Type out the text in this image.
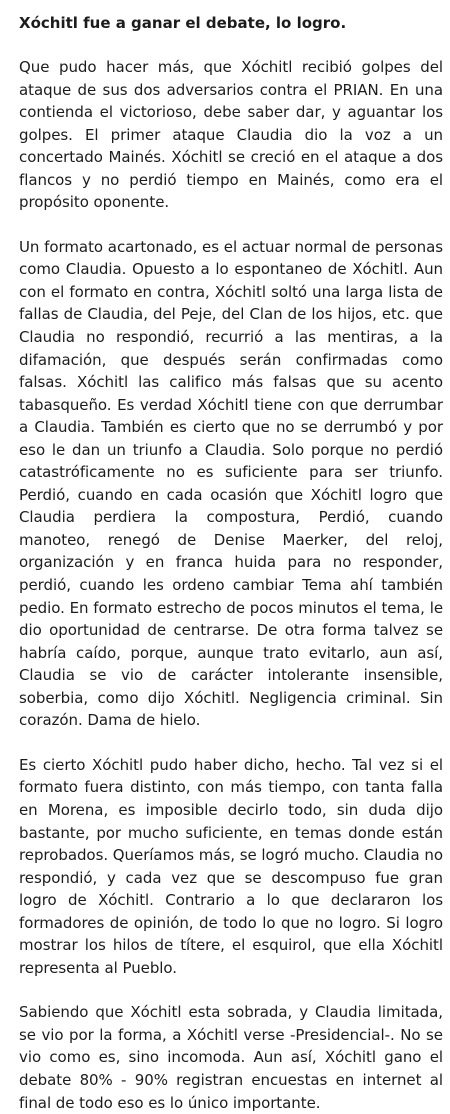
Xóchitl fue a ganar el debate, lo logro.
Que pudo hacer más, que Xóchitl recibió golpes del ataque de sus dos adversarios contra el PRIAN. En una contienda el victorioso, debe saber dar, y aguantar los golpes. El primer ataque Claudia dio la voz a un concertado Mainés. Xóchitl se creció en el ataque a dos flancos y no perdió tiempo en Mainés, como era el propósito oponente.
Un formato acartonado, es el actuar normal de personas como Claudia. Opuesto a lo espontaneo de Xóchitl. Aun con el formato en contra, Xóchitl soltó una larga lista de fallas de Claudia, del Peje, del Clan de los hijos, etc. que Claudia no respondió, recurrió a las mentiras, a la difamación, que después serán confirmadas como falsas. Xóchitl las califico más falsas que su acento tabasqueño. Es verdad Xóchitl tiene con que derrumbar a Claudia. También es cierto que no se derrumbó y por eso le dan un triunfo a Claudia. Solo porque no perdió catastróficamente no es suficiente para ser triunfo. Perdió, cuando en cada ocasión que Xóchitl logro que Claudia perdiera la compostura, Perdió, cuando manoteo, renegó de Denise Maerker, del reloj, organización y en franca huida para no responder, perdió, cuando les ordeno cambiar Tema ahí también pedio. En formato estrecho de pocos minutos el tema, le dio oportunidad de centrarse. De otra forma talvez se habría caído, porque, aunque trato evitarlo, aun así, Claudia se vio de carácter intolerante insensible, soberbia, como dijo Xóchitl. Negligencia criminal. Sin corazón. Dama de hielo.
Es cierto Xóchitl pudo haber dicho, hecho. Tal vez si el formato fuera distinto, con más tiempo, con tanta falla en Morena, es imposible decirlo todo, sin duda dijo bastante, por mucho suficiente, en temas donde están reprobados. Queríamos más, se logró mucho. Claudia no respondió, y cada vez que se descompuso fue gran logro de Xóchitl. Contrario a lo que declararon los formadores de opinión, de todo lo que no logro. Si logro mostrar los hilos de títere, el esquirol, que ella Xóchitl representa al Pueblo.
Sabiendo que Xóchitl esta sobrada, y Claudia limitada, se vio por la forma, a Xóchitl verse -Presidencial-. No se vio como es, sino incomoda. Aun así, Xóchitl gano el debate 80% - 90% registran encuestas en internet al final de todo eso es lo único importante.
